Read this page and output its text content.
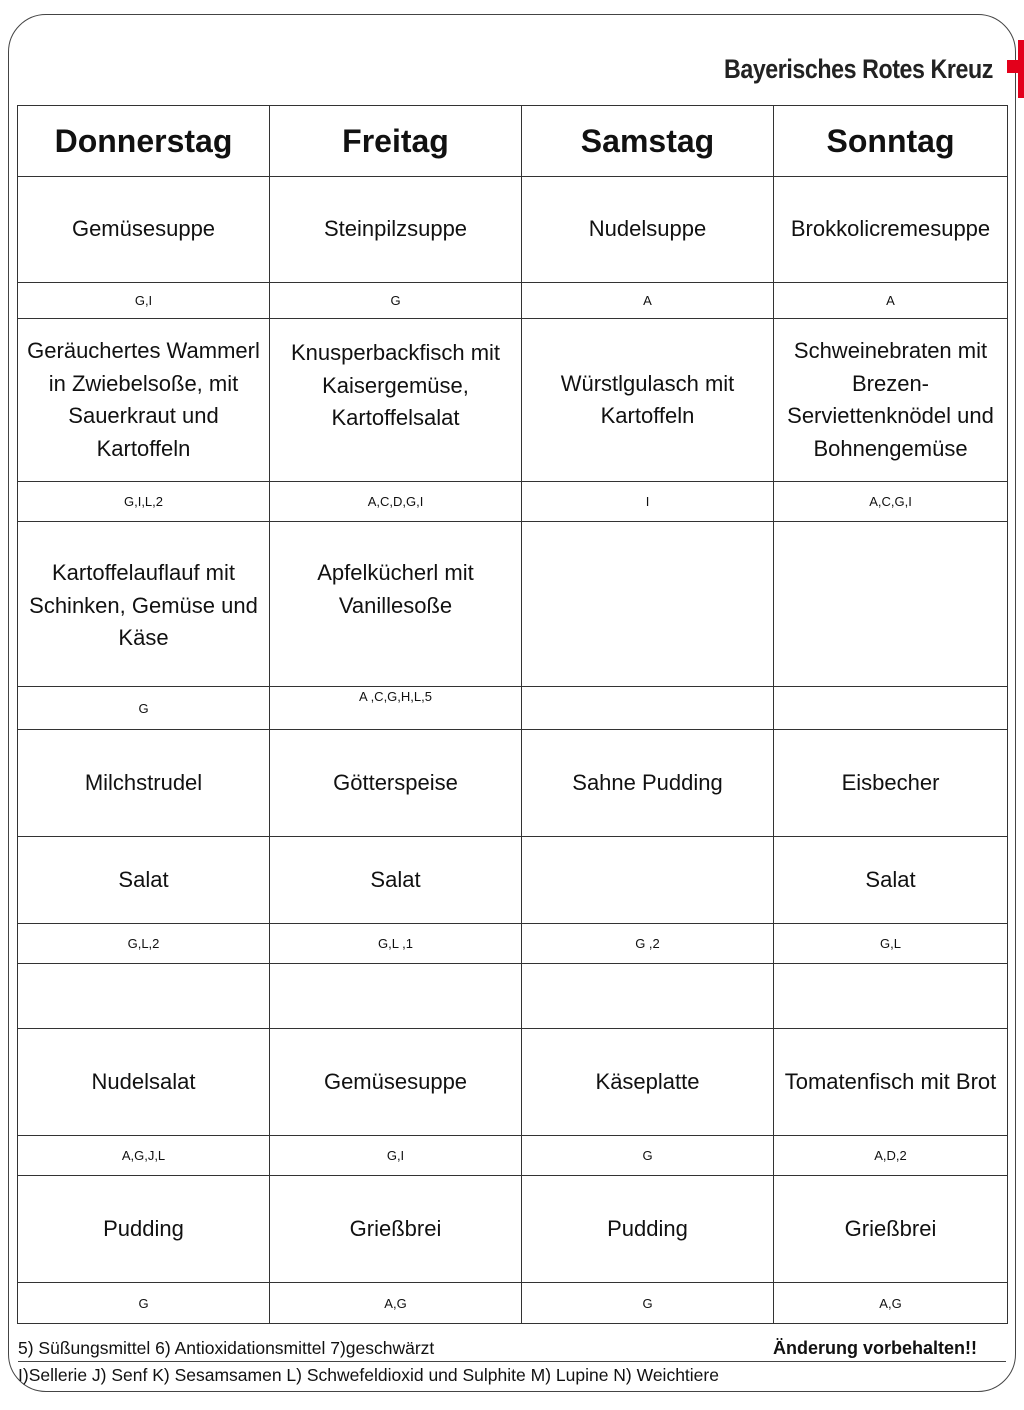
Bayerisches Rotes Kreuz
Donnerstag	Freitag	Samstag	Sonntag
Gemüsesuppe	Steinpilzsuppe	Nudelsuppe	Brokkolicremesuppe
G,I	G	A	A
Geräuchertes Wammerl in Zwiebelsoße, mit Sauerkraut und Kartoffeln	Knusperbackfisch mit Kaisergemüse, Kartoffelsalat	Würstlgulasch mit Kartoffeln	Schweinebraten mit Brezen-Serviettenknödel und Bohnengemüse
G,I,L,2	A,C,D,G,I	I	A,C,G,I
Kartoffelauflauf mit Schinken, Gemüse und Käse	Apfelkücherl mit Vanillesoße		
G	A ,C,G,H,L,5		
Milchstrudel	Götterspeise	Sahne Pudding	Eisbecher
Salat	Salat		Salat
G,L,2	G,L ,1	G ,2	G,L

Nudelsalat	Gemüsesuppe	Käseplatte	Tomatenfisch mit Brot
A,G,J,L	G,I	G	A,D,2
Pudding	Grießbrei	Pudding	Grießbrei
G	A,G	G	A,G
5) Süßungsmittel 6) Antioxidationsmittel 7)geschwärzt	Änderung vorbehalten!!
I)Sellerie J) Senf K) Sesamsamen L) Schwefeldioxid und Sulphite M) Lupine N) Weichtiere
